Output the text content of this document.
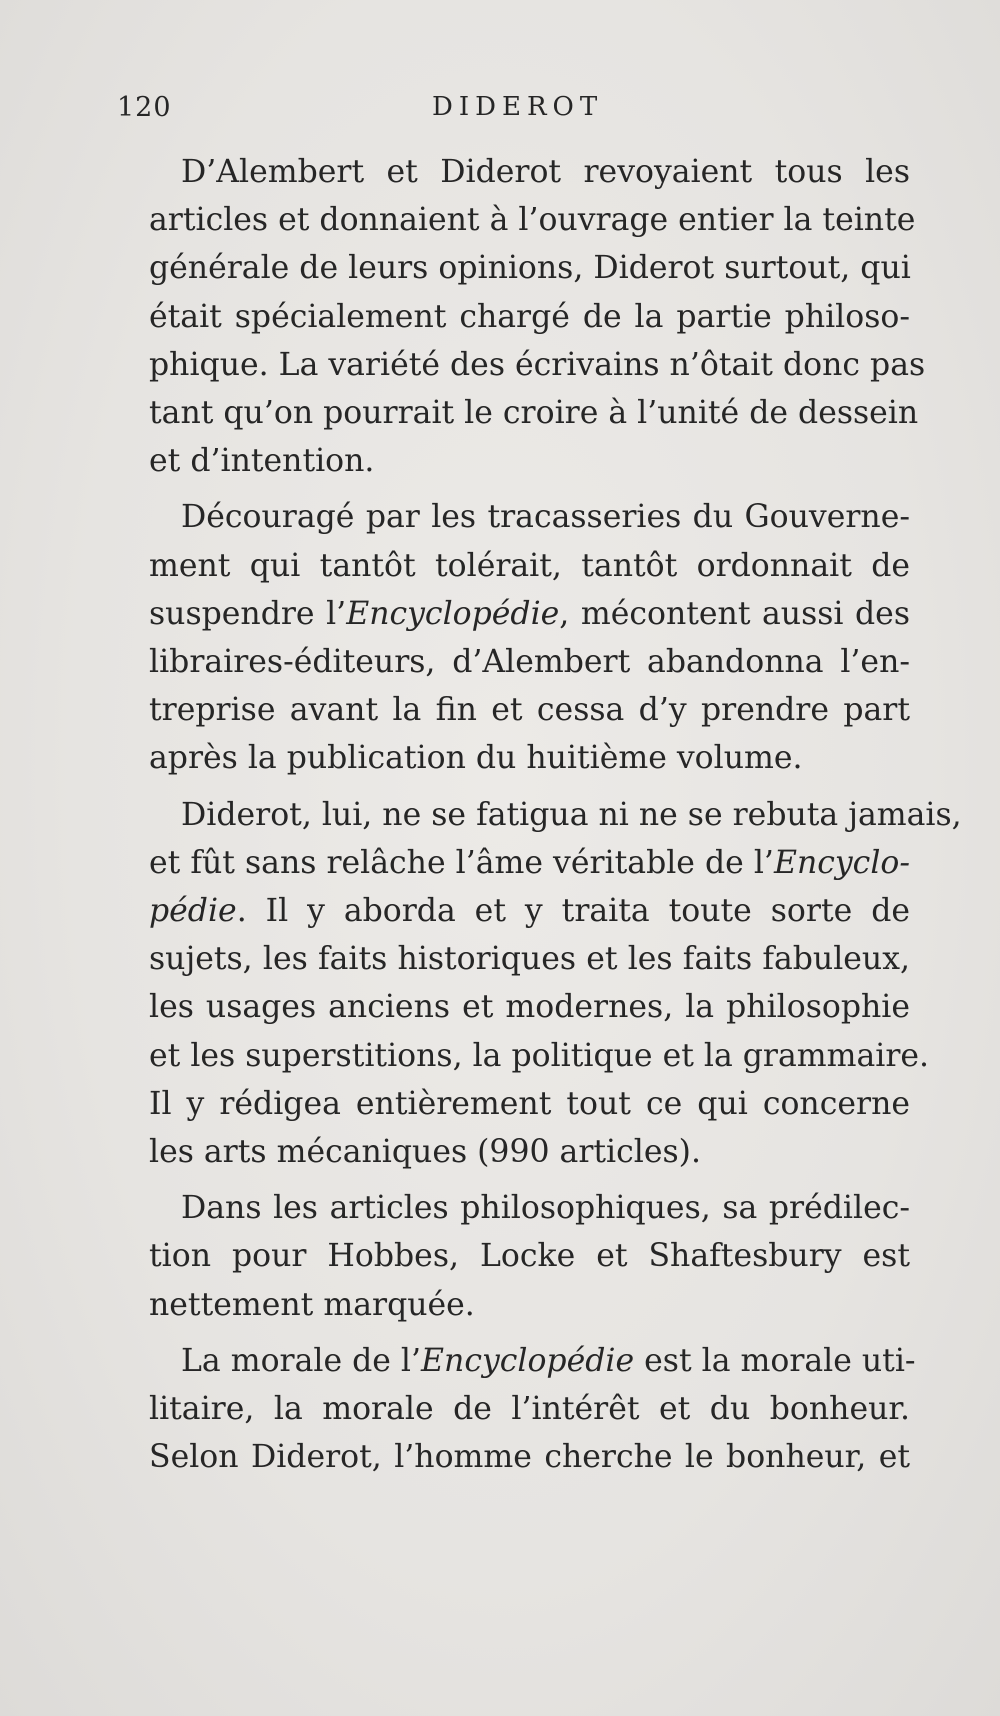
120	DIDEROT

D’Alembert et Diderot revoyaient tous les
articles et donnaient à l’ouvrage entier la teinte
générale de leurs opinions, Diderot surtout, qui
était spécialement chargé de la partie philoso-
phique. La variété des écrivains n’ôtait donc pas
tant qu’on pourrait le croire à l’unité de dessein
et d’intention.

Découragé par les tracasseries du Gouverne-
ment qui tantôt tolérait, tantôt ordonnait de
suspendre l’Encyclopédie, mécontent aussi des
libraires-éditeurs, d’Alembert abandonna l’en-
treprise avant la fin et cessa d’y prendre part
après la publication du huitième volume.

Diderot, lui, ne se fatigua ni ne se rebuta jamais,
et fût sans relâche l’âme véritable de l’Encyclo-
pédie. Il y aborda et y traita toute sorte de
sujets, les faits historiques et les faits fabuleux,
les usages anciens et modernes, la philosophie
et les superstitions, la politique et la grammaire.
Il y rédigea entièrement tout ce qui concerne
les arts mécaniques (990 articles).

Dans les articles philosophiques, sa prédilec-
tion pour Hobbes, Locke et Shaftesbury est
nettement marquée.

La morale de l’Encyclopédie est la morale uti-
litaire, la morale de l’intérêt et du bonheur.
Selon Diderot, l’homme cherche le bonheur, et
